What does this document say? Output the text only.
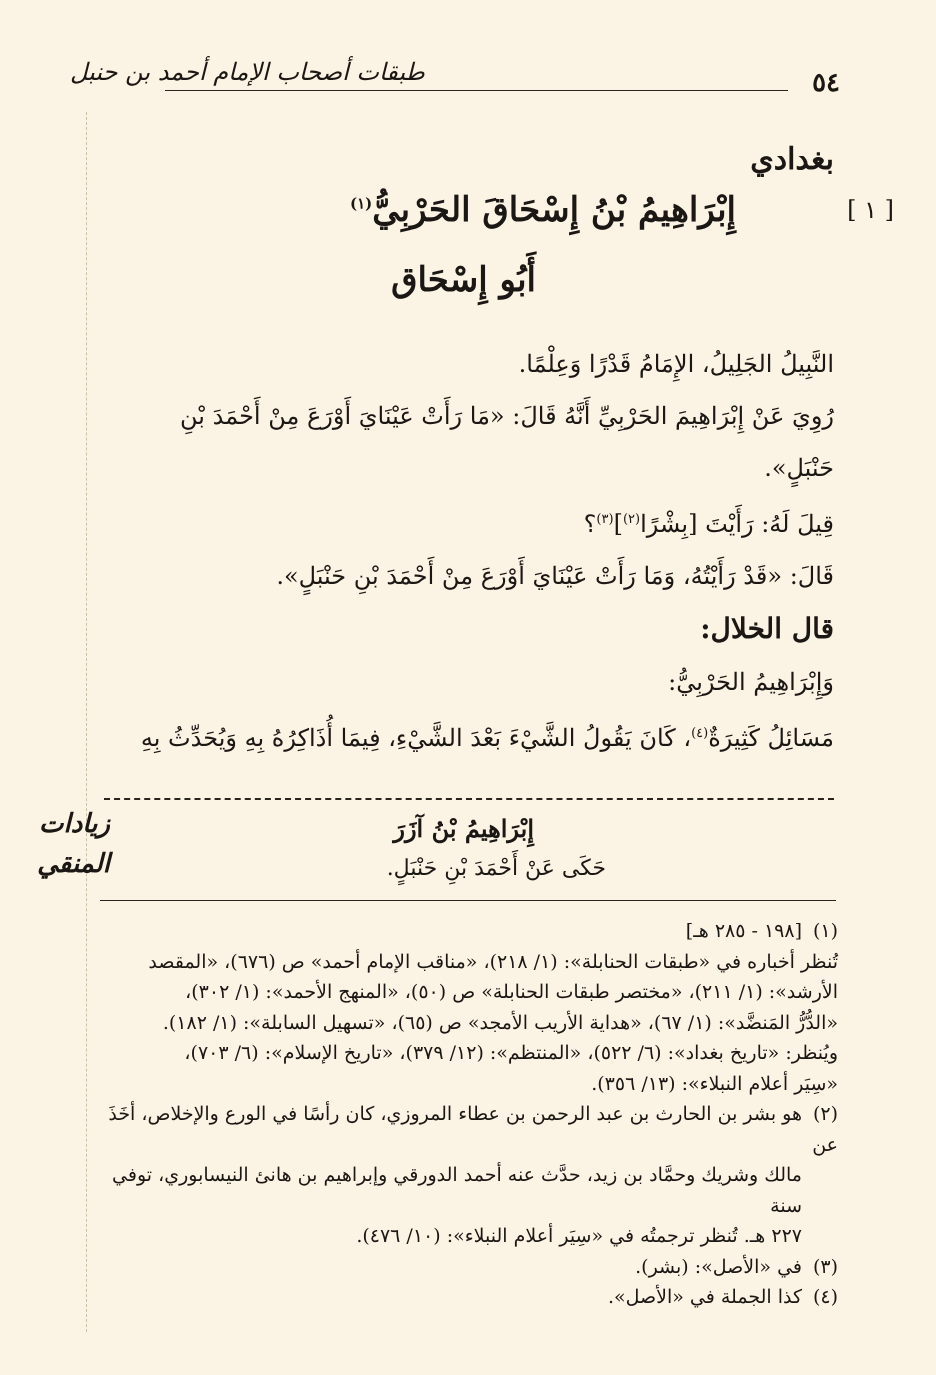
٥٤
طبقات أصحاب الإمام أحمد بن حنبل
بغدادي
[ ١ ]
إِبْرَاهِيمُ بْنُ إِسْحَاقَ الحَرْبِيُّ$^{(١)}$
أَبُو إِسْحَاق

النَّبِيلُ الجَلِيلُ، الإِمَامُ قَدْرًا وَعِلْمًا.

رُوِيَ عَنْ إِبْرَاهِيمَ الحَرْبِيِّ أَنَّهُ قَالَ: «مَا رَأَتْ عَيْنَايَ أَوْرَعَ مِنْ أَحْمَدَ بْنِ

حَنْبَلٍ».

قِيلَ لَهُ: رَأَيْتَ [بِشْرًا$^{(٢)}$]$^{(٣)}$؟

قَالَ: «قَدْ رَأَيْتُهُ، وَمَا رَأَتْ عَيْنَايَ أَوْرَعَ مِنْ أَحْمَدَ بْنِ حَنْبَلٍ».

قال الخلال:

وَإِبْرَاهِيمُ الحَرْبِيُّ:

مَسَائِلُ كَثِيرَةٌ$^{(٤)}$، كَانَ يَقُولُ الشَّيْءَ بَعْدَ الشَّيْءِ، فِيمَا أُذَاكِرُهُ بِهِ وَيُحَدِّثُ بِهِ

زيادات المنقي
إِبْرَاهِيمُ بْنُ آزَرَ
حَكَى عَنْ أَحْمَدَ بْنِ حَنْبَلٍ.

(١)[١٩٨ - ٢٨٥ هـ]

تُنظر أخباره في «طبقات الحنابلة»: (١/ ٢١٨)، «مناقب الإمام أحمد» ص (٦٧٦)، «المقصد

الأرشد»: (١/ ٢١١)، «مختصر طبقات الحنابلة» ص (٥٠)، «المنهج الأحمد»: (١/ ٣٠٢)،

«الدُّرُّ المَنضَّد»: (١/ ٦٧)، «هداية الأريب الأمجد» ص (٦٥)، «تسهيل السابلة»: (١/ ١٨٢).

ويُنظر: «تاريخ بغداد»: (٦/ ٥٢٢)، «المنتظم»: (١٢/ ٣٧٩)، «تاريخ الإسلام»: (٦/ ٧٠٣)،

«سِيَر أعلام النبلاء»: (١٣/ ٣٥٦).

(٢)هو بشر بن الحارث بن عبد الرحمن بن عطاء المروزي، كان رأسًا في الورع والإخلاص، أخَذَ عن

مالك وشريك وحمَّاد بن زيد، حدَّث عنه أحمد الدورقي وإبراهيم بن هانئ النيسابوري، توفي سنة

٢٢٧ هـ. تُنظر ترجمتُه في «سِيَر أعلام النبلاء»: (١٠/ ٤٧٦).

(٣)في «الأصل»: (بشر).

(٤)كذا الجملة في «الأصل».
